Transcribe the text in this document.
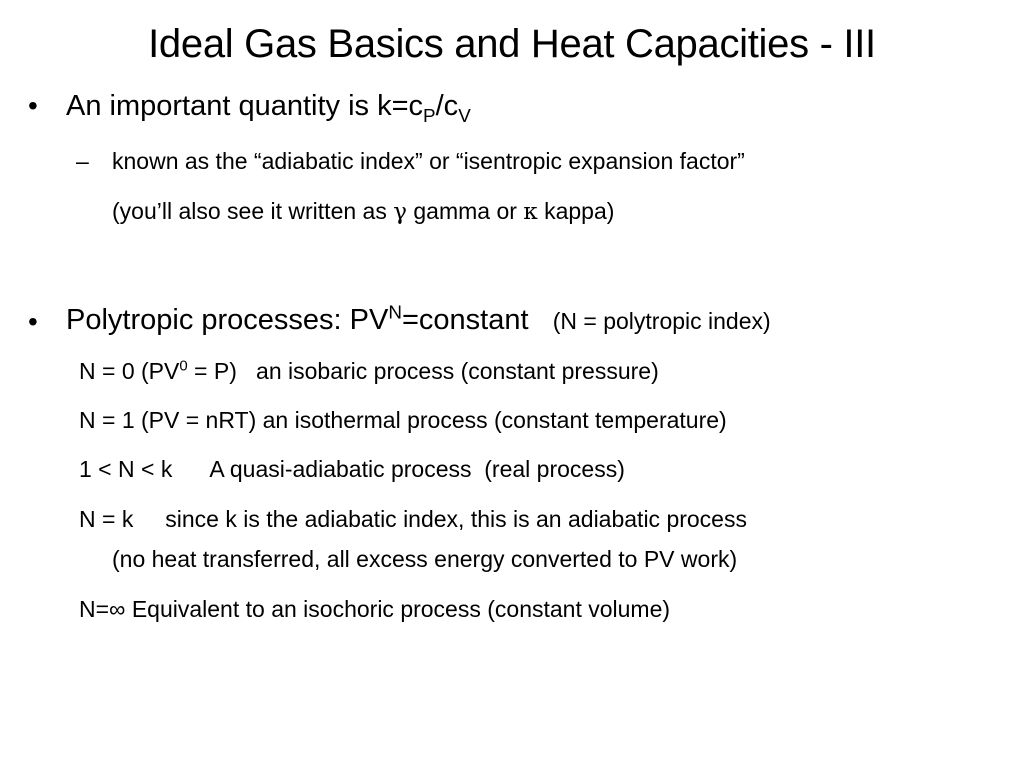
Ideal Gas Basics and Heat Capacities - III
• An important quantity is $k=c_P/c_V$
– known as the “adiabatic index” or “isentropic expansion factor”
(you’ll also see it written as γ gamma or κ kappa)
• Polytropic processes: $PV^N=constant$   (N = polytropic index)
N = 0 $(PV^0 = P)$   an isobaric process (constant pressure)
N = 1 (PV = nRT) an isothermal process (constant temperature)
1 < N < k      A quasi-adiabatic process  (real process)
N = k     since k is the adiabatic index, this is an adiabatic process
(no heat transferred, all excess energy converted to PV work)
N=∞ Equivalent to an isochoric process (constant volume)
